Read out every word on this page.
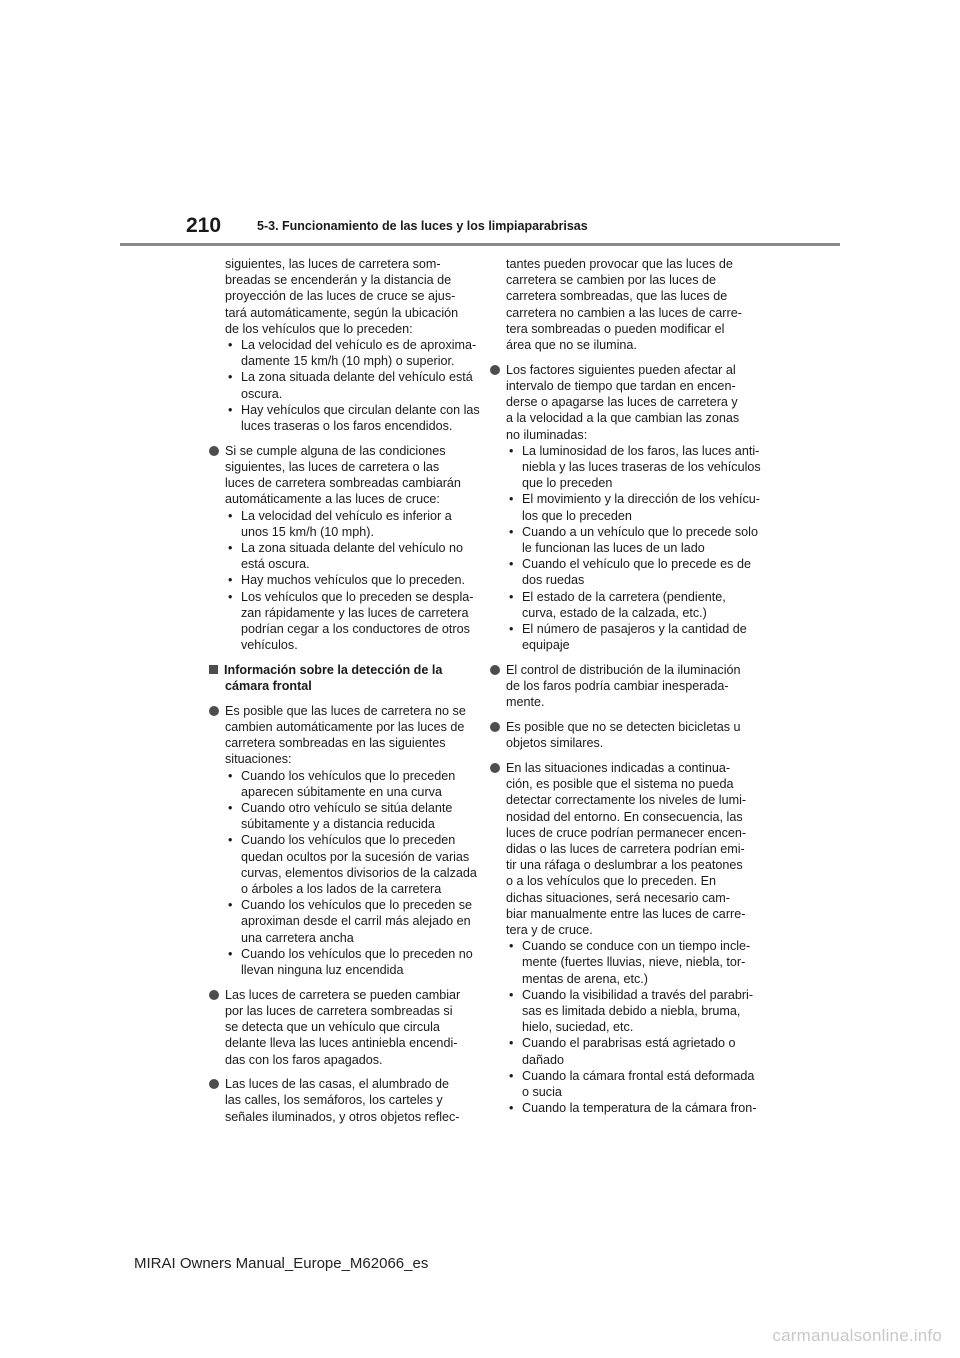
210	5-3. Funcionamiento de las luces y los limpiaparabrisas
siguientes, las luces de carretera som-
breadas se encenderán y la distancia de
proyección de las luces de cruce se ajus-
tará automáticamente, según la ubicación
de los vehículos que lo preceden:
• La velocidad del vehículo es de aproxima-
damente 15 km/h (10 mph) o superior.
• La zona situada delante del vehículo está
oscura.
• Hay vehículos que circulan delante con las
luces traseras o los faros encendidos.
Si se cumple alguna de las condiciones
siguientes, las luces de carretera o las
luces de carretera sombreadas cambiarán
automáticamente a las luces de cruce:
• La velocidad del vehículo es inferior a
unos 15 km/h (10 mph).
• La zona situada delante del vehículo no
está oscura.
• Hay muchos vehículos que lo preceden.
• Los vehículos que lo preceden se despla-
zan rápidamente y las luces de carretera
podrían cegar a los conductores de otros
vehículos.
Información sobre la detección de la
cámara frontal
Es posible que las luces de carretera no se
cambien automáticamente por las luces de
carretera sombreadas en las siguientes
situaciones:
• Cuando los vehículos que lo preceden
aparecen súbitamente en una curva
• Cuando otro vehículo se sitúa delante
súbitamente y a distancia reducida
• Cuando los vehículos que lo preceden
quedan ocultos por la sucesión de varias
curvas, elementos divisorios de la calzada
o árboles a los lados de la carretera
• Cuando los vehículos que lo preceden se
aproximan desde el carril más alejado en
una carretera ancha
• Cuando los vehículos que lo preceden no
llevan ninguna luz encendida
Las luces de carretera se pueden cambiar
por las luces de carretera sombreadas si
se detecta que un vehículo que circula
delante lleva las luces antiniebla encendi-
das con los faros apagados.
Las luces de las casas, el alumbrado de
las calles, los semáforos, los carteles y
señales iluminados, y otros objetos reflec-
tantes pueden provocar que las luces de
carretera se cambien por las luces de
carretera sombreadas, que las luces de
carretera no cambien a las luces de carre-
tera sombreadas o pueden modificar el
área que no se ilumina.
Los factores siguientes pueden afectar al
intervalo de tiempo que tardan en encen-
derse o apagarse las luces de carretera y
a la velocidad a la que cambian las zonas
no iluminadas:
• La luminosidad de los faros, las luces anti-
niebla y las luces traseras de los vehículos
que lo preceden
• El movimiento y la dirección de los vehícu-
los que lo preceden
• Cuando a un vehículo que lo precede solo
le funcionan las luces de un lado
• Cuando el vehículo que lo precede es de
dos ruedas
• El estado de la carretera (pendiente,
curva, estado de la calzada, etc.)
• El número de pasajeros y la cantidad de
equipaje
El control de distribución de la iluminación
de los faros podría cambiar inesperada-
mente.
Es posible que no se detecten bicicletas u
objetos similares.
En las situaciones indicadas a continua-
ción, es posible que el sistema no pueda
detectar correctamente los niveles de lumi-
nosidad del entorno. En consecuencia, las
luces de cruce podrían permanecer encen-
didas o las luces de carretera podrían emi-
tir una ráfaga o deslumbrar a los peatones
o a los vehículos que lo preceden. En
dichas situaciones, será necesario cam-
biar manualmente entre las luces de carre-
tera y de cruce.
• Cuando se conduce con un tiempo incle-
mente (fuertes lluvias, nieve, niebla, tor-
mentas de arena, etc.)
• Cuando la visibilidad a través del parabri-
sas es limitada debido a niebla, bruma,
hielo, suciedad, etc.
• Cuando el parabrisas está agrietado o
dañado
• Cuando la cámara frontal está deformada
o sucia
• Cuando la temperatura de la cámara fron-
MIRAI Owners Manual_Europe_M62066_es
carmanualsonline.info
